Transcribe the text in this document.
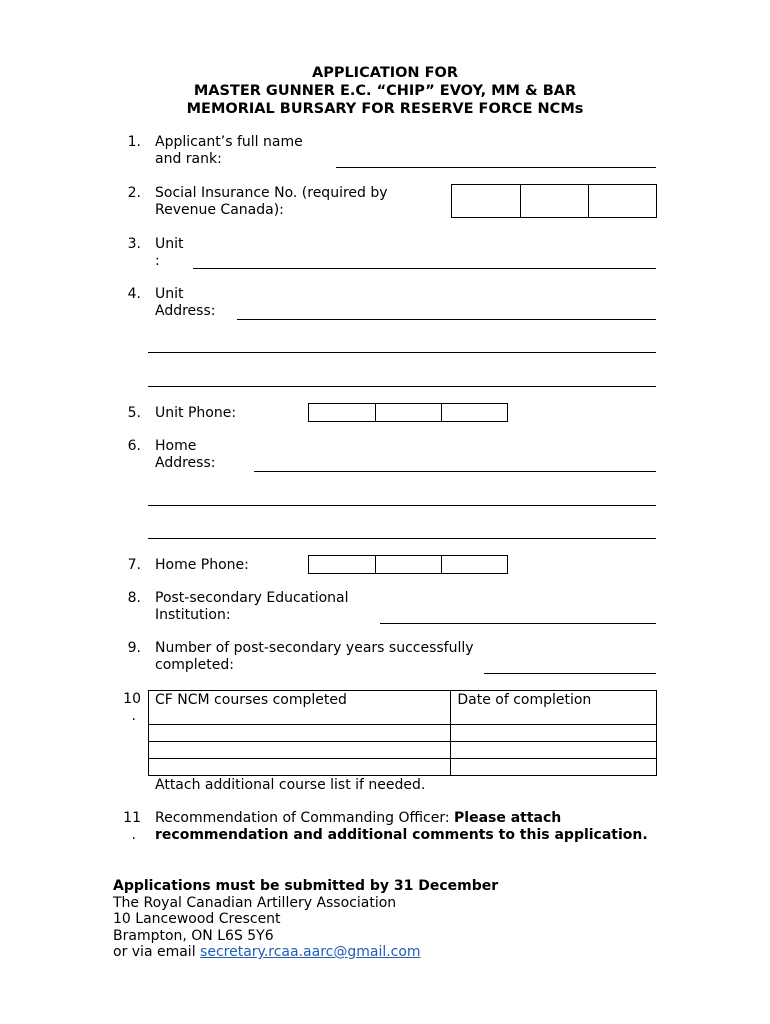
APPLICATION FOR
MASTER GUNNER E.C. “CHIP” EVOY, MM & BAR
MEMORIAL BURSARY FOR RESERVE FORCE NCMs
1. Applicant’s full name
and rank:
2. Social Insurance No. (required by
Revenue Canada):
3. Unit
:
4. Unit
Address:
5. Unit Phone:
6. Home
Address:
7. Home Phone:
8. Post-secondary Educational
Institution:
9. Number of post-secondary years successfully
completed:
10
.
CF NCM courses completed	Date of completion

Attach additional course list if needed.
11
.
Recommendation of Commanding Officer: Please attach
recommendation and additional comments to this application.
Applications must be submitted by 31 December
The Royal Canadian Artillery Association
10 Lancewood Crescent
Brampton, ON L6S 5Y6
or via email secretary.rcaa.aarc@gmail.com
